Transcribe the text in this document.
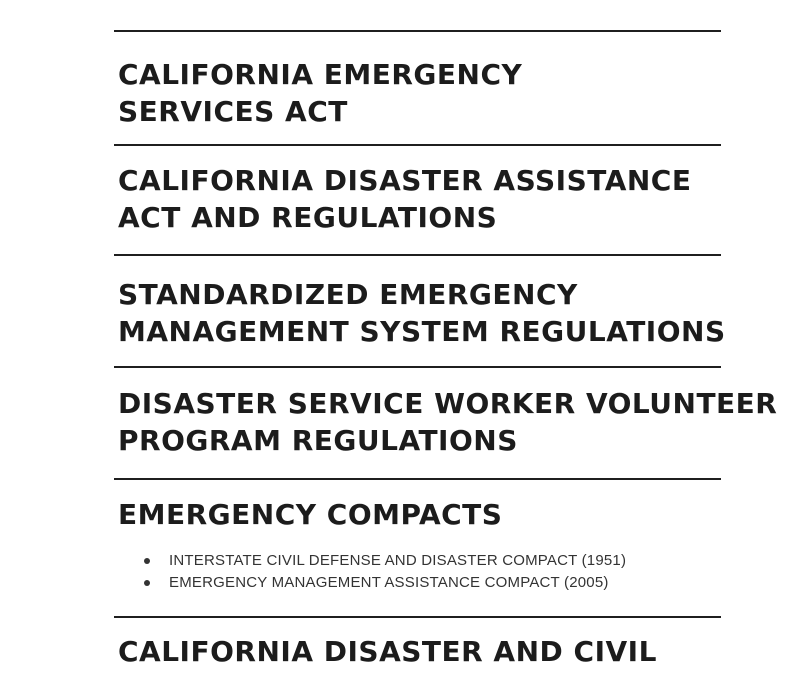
CALIFORNIA EMERGENCY
SERVICES ACT
CALIFORNIA DISASTER ASSISTANCE
ACT AND REGULATIONS
STANDARDIZED EMERGENCY
MANAGEMENT SYSTEM REGULATIONS
DISASTER SERVICE WORKER VOLUNTEER
PROGRAM REGULATIONS
EMERGENCY COMPACTS
INTERSTATE CIVIL DEFENSE AND DISASTER COMPACT (1951)
EMERGENCY MANAGEMENT ASSISTANCE COMPACT (2005)
CALIFORNIA DISASTER AND CIVIL
